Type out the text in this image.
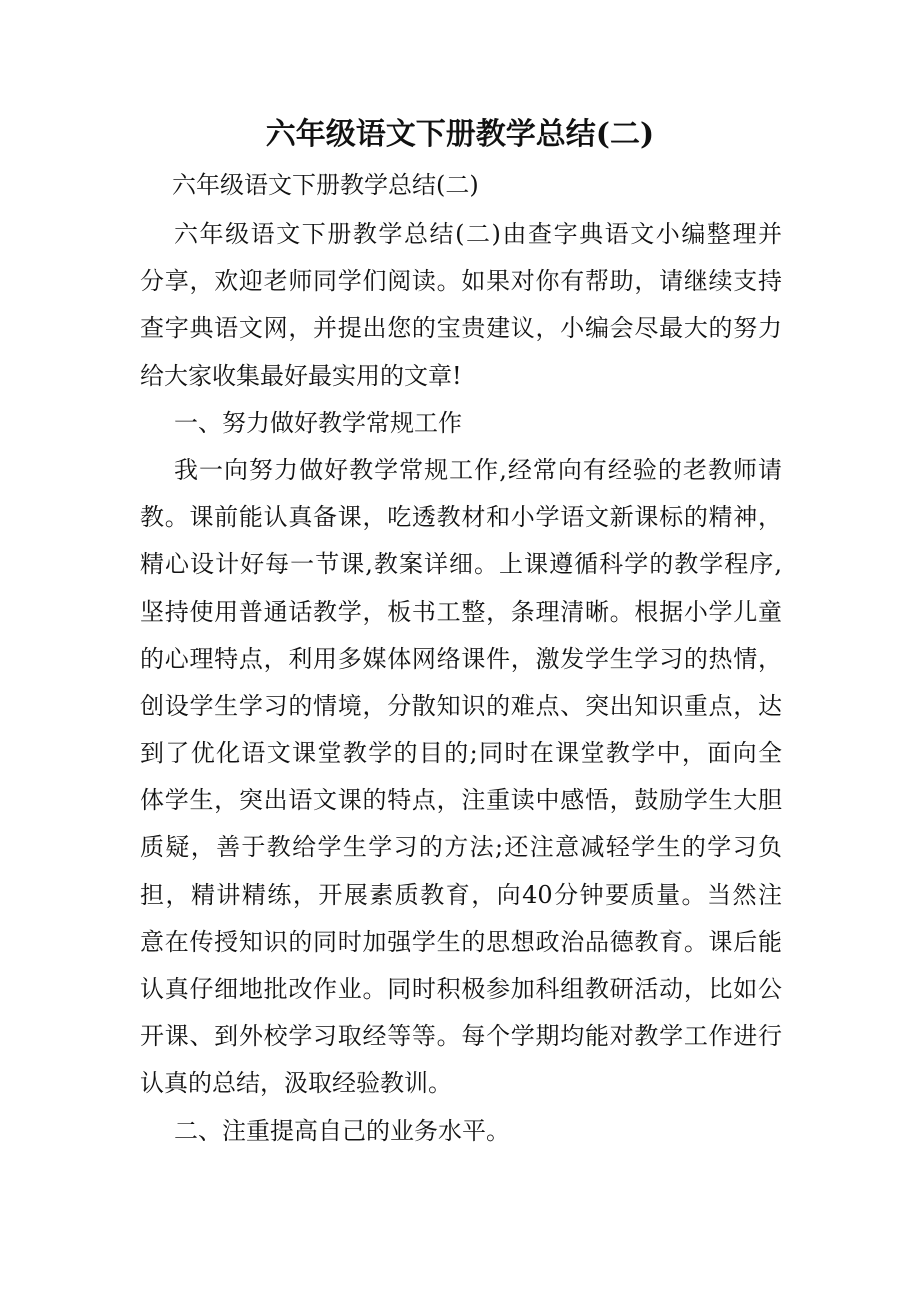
六年级语文下册教学总结(二)
六年级语文下册教学总结(二)
六年级语文下册教学总结(二)由查字典语文小编整理并
分享，欢迎老师同学们阅读。如果对你有帮助，请继续支持
查字典语文网，并提出您的宝贵建议，小编会尽最大的努力
给大家收集最好最实用的文章!
一、努力做好教学常规工作
我一向努力做好教学常规工作,经常向有经验的老教师请
教。课前能认真备课，吃透教材和小学语文新课标的精神，
精心设计好每一节课,教案详细。上课遵循科学的教学程序,
坚持使用普通话教学，板书工整，条理清晰。根据小学儿童
的心理特点，利用多媒体网络课件，激发学生学习的热情，
创设学生学习的情境，分散知识的难点、突出知识重点，达
到了优化语文课堂教学的目的;同时在课堂教学中，面向全
体学生，突出语文课的特点，注重读中感悟，鼓励学生大胆
质疑，善于教给学生学习的方法;还注意减轻学生的学习负
担，精讲精练，开展素质教育，向40分钟要质量。当然注
意在传授知识的同时加强学生的思想政治品德教育。课后能
认真仔细地批改作业。同时积极参加科组教研活动，比如公
开课、到外校学习取经等等。每个学期均能对教学工作进行
认真的总结，汲取经验教训。
二、注重提高自己的业务水平。
